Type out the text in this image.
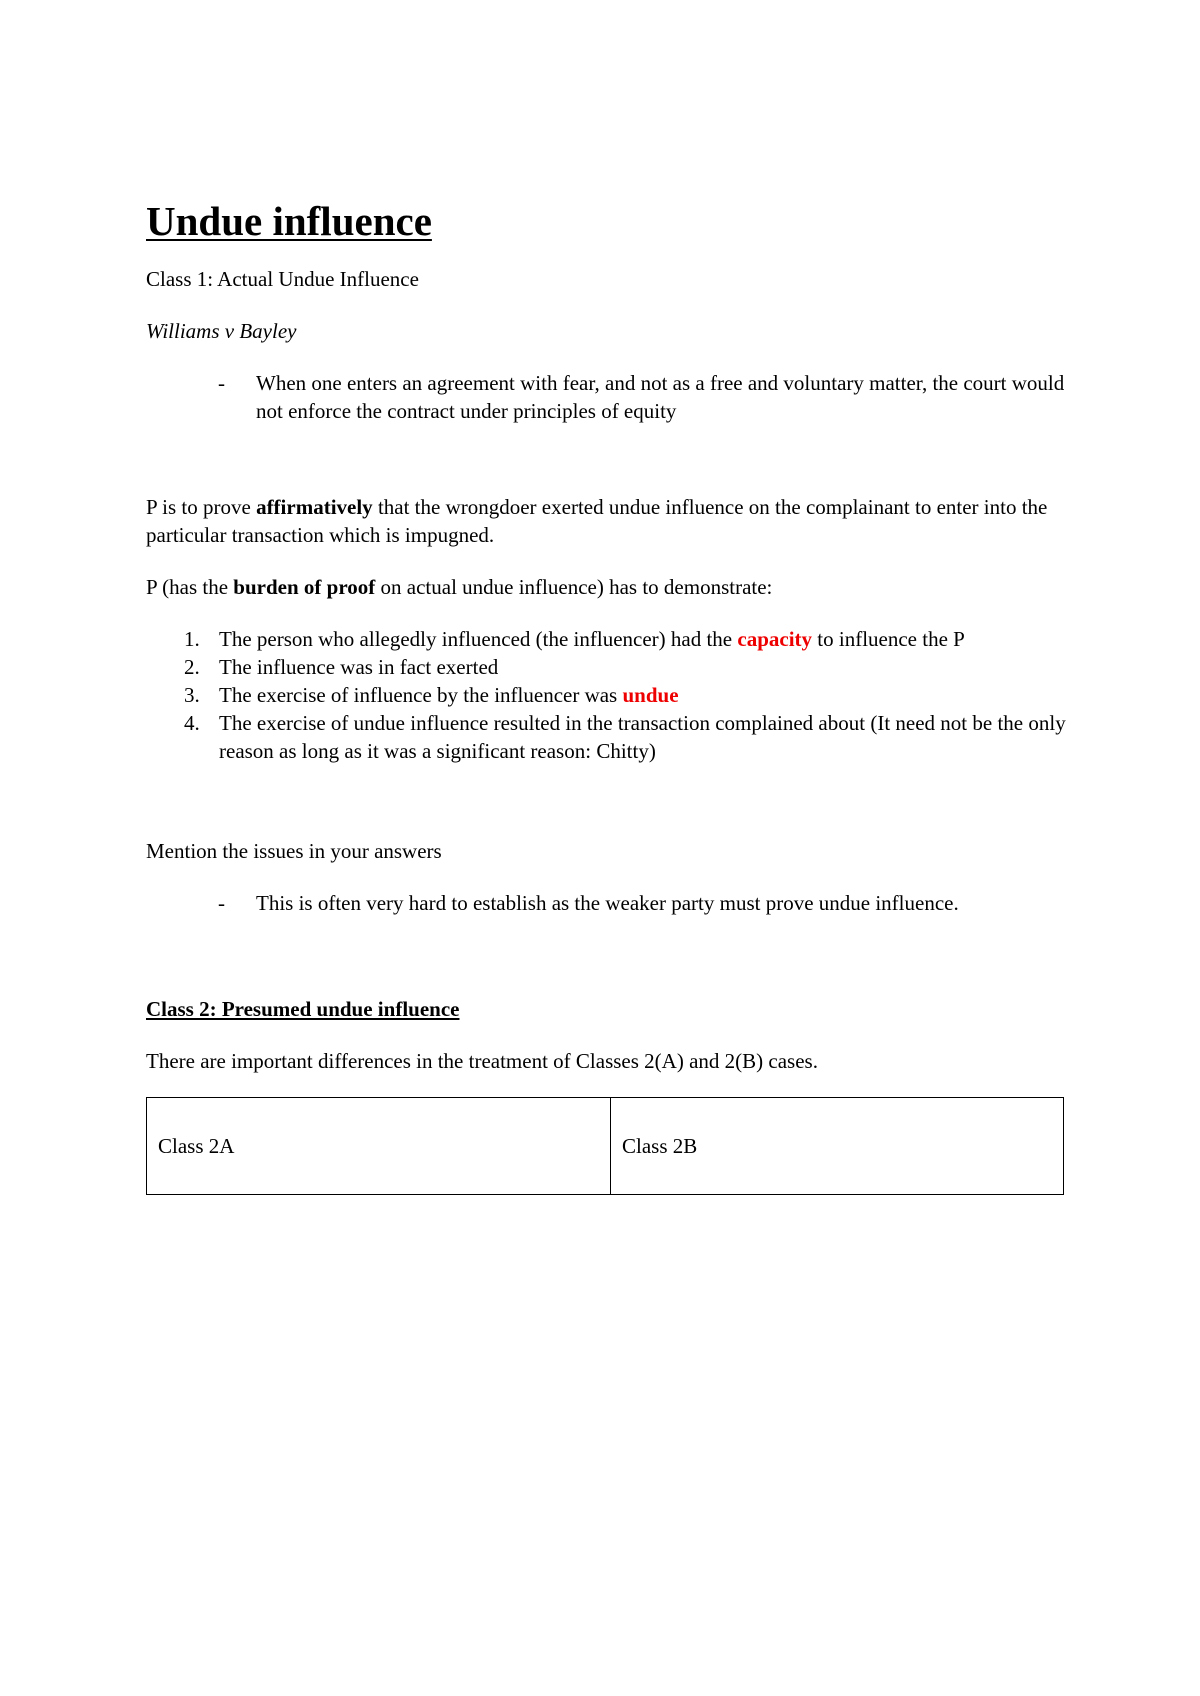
Undue influence

Class 1: Actual Undue Influence

Williams v Bayley

- When one enters an agreement with fear, and not as a free and voluntary matter, the court would not enforce the contract under principles of equity

P is to prove affirmatively that the wrongdoer exerted undue influence on the complainant to enter into the particular transaction which is impugned.

P (has the burden of proof on actual undue influence) has to demonstrate:

1. The person who allegedly influenced (the influencer) had the capacity to influence the P
2. The influence was in fact exerted
3. The exercise of influence by the influencer was undue
4. The exercise of undue influence resulted in the transaction complained about (It need not be the only reason as long as it was a significant reason: Chitty)

Mention the issues in your answers

- This is often very hard to establish as the weaker party must prove undue influence.
Class 2: Presumed undue influence

There are important differences in the treatment of Classes 2(A) and 2(B) cases.

Class 2A	Class 2B
